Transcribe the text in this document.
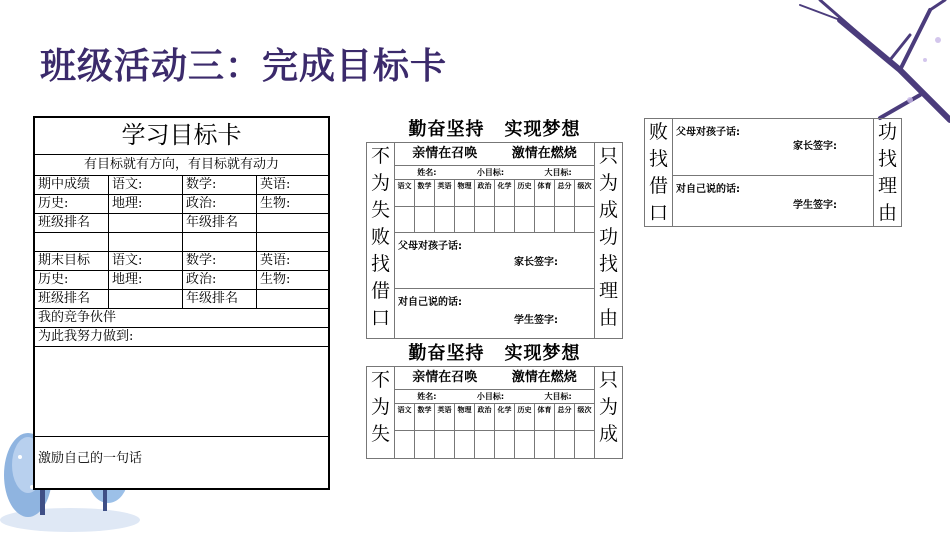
班级活动三：完成目标卡
学习目标卡
有目标就有方向，有目标就有动力
期中成绩	语文:	数学:	英语:
历史:	地理:	政治:	生物:
班级排名	年级排名
期末目标	语文:	数学:	英语:
历史:	地理:	政治:	生物:
班级排名	年级排名
我的竞争伙伴
为此我努力做到:
激励自己的一句话
勤奋坚持 实现梦想
不
为
失
败
找
借
口
亲情在召唤	激情在燃烧
姓名:	小目标:	大目标:
语文 数学 英语 物理 政治 化学 历史 体育 总分 级次
父母对孩子话:
家长签字:
对自己说的话:
学生签字:
只
为
成
功
找
理
由
勤奋坚持 实现梦想
不
为
失
亲情在召唤	激情在燃烧
姓名:	小目标:	大目标:
语文 数学 英语 物理 政治 化学 历史 体育 总分 级次
只
为
成
败
找
借
口
父母对孩子话:
家长签字:
对自己说的话:
学生签字:
功
找
理
由
